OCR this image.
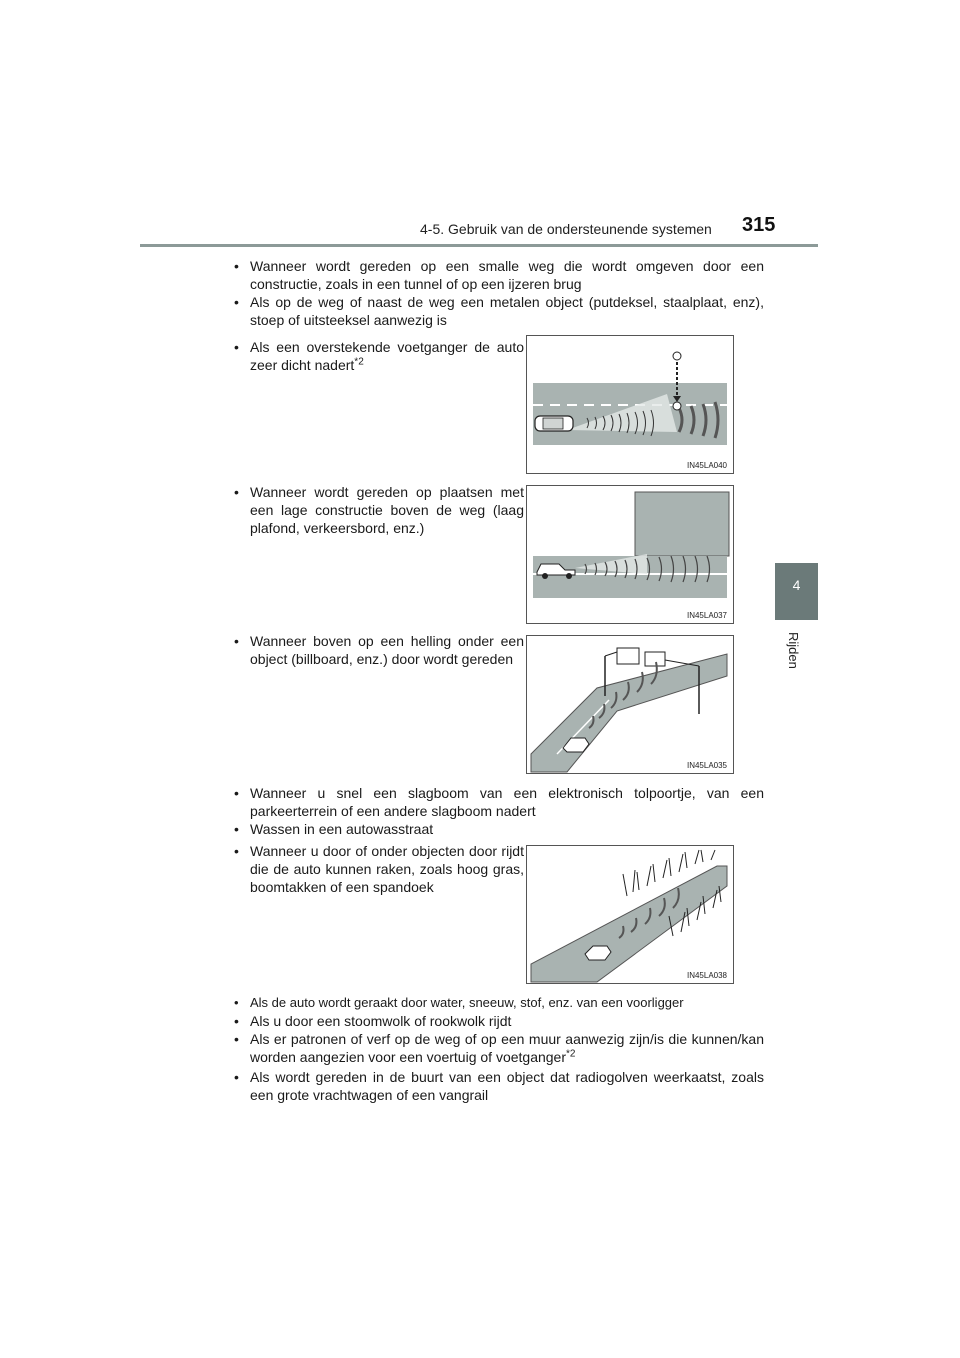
4-5. Gebruik van de ondersteunende systemen 315
4
Rijden
• Wanneer wordt gereden op een smalle weg die wordt omgeven door een constructie, zoals in een tunnel of op een ijzeren brug
• Als op de weg of naast de weg een metalen object (putdeksel, staalplaat, enz), stoep of uitsteeksel aanwezig is
• Als een overstekende voetganger de auto zeer dicht nadert$^{*2}$
IN45LA040
• Wanneer wordt gereden op plaatsen met een lage constructie boven de weg (laag plafond, verkeersbord, enz.)
IN45LA037
• Wanneer boven op een helling onder een object (billboard, enz.) door wordt gereden
IN45LA035
• Wanneer u snel een slagboom van een elektronisch tolpoortje, van een parkeerterrein of een andere slagboom nadert
• Wassen in een autowasstraat
• Wanneer u door of onder objecten door rijdt die de auto kunnen raken, zoals hoog gras, boomtakken of een spandoek
IN45LA038
• Als de auto wordt geraakt door water, sneeuw, stof, enz. van een voorligger
• Als u door een stoomwolk of rookwolk rijdt
• Als er patronen of verf op de weg of op een muur aanwezig zijn/is die kunnen/kan worden aangezien voor een voertuig of voetganger$^{*2}$
• Als wordt gereden in de buurt van een object dat radiogolven weerkaatst, zoals een grote vrachtwagen of een vangrail
